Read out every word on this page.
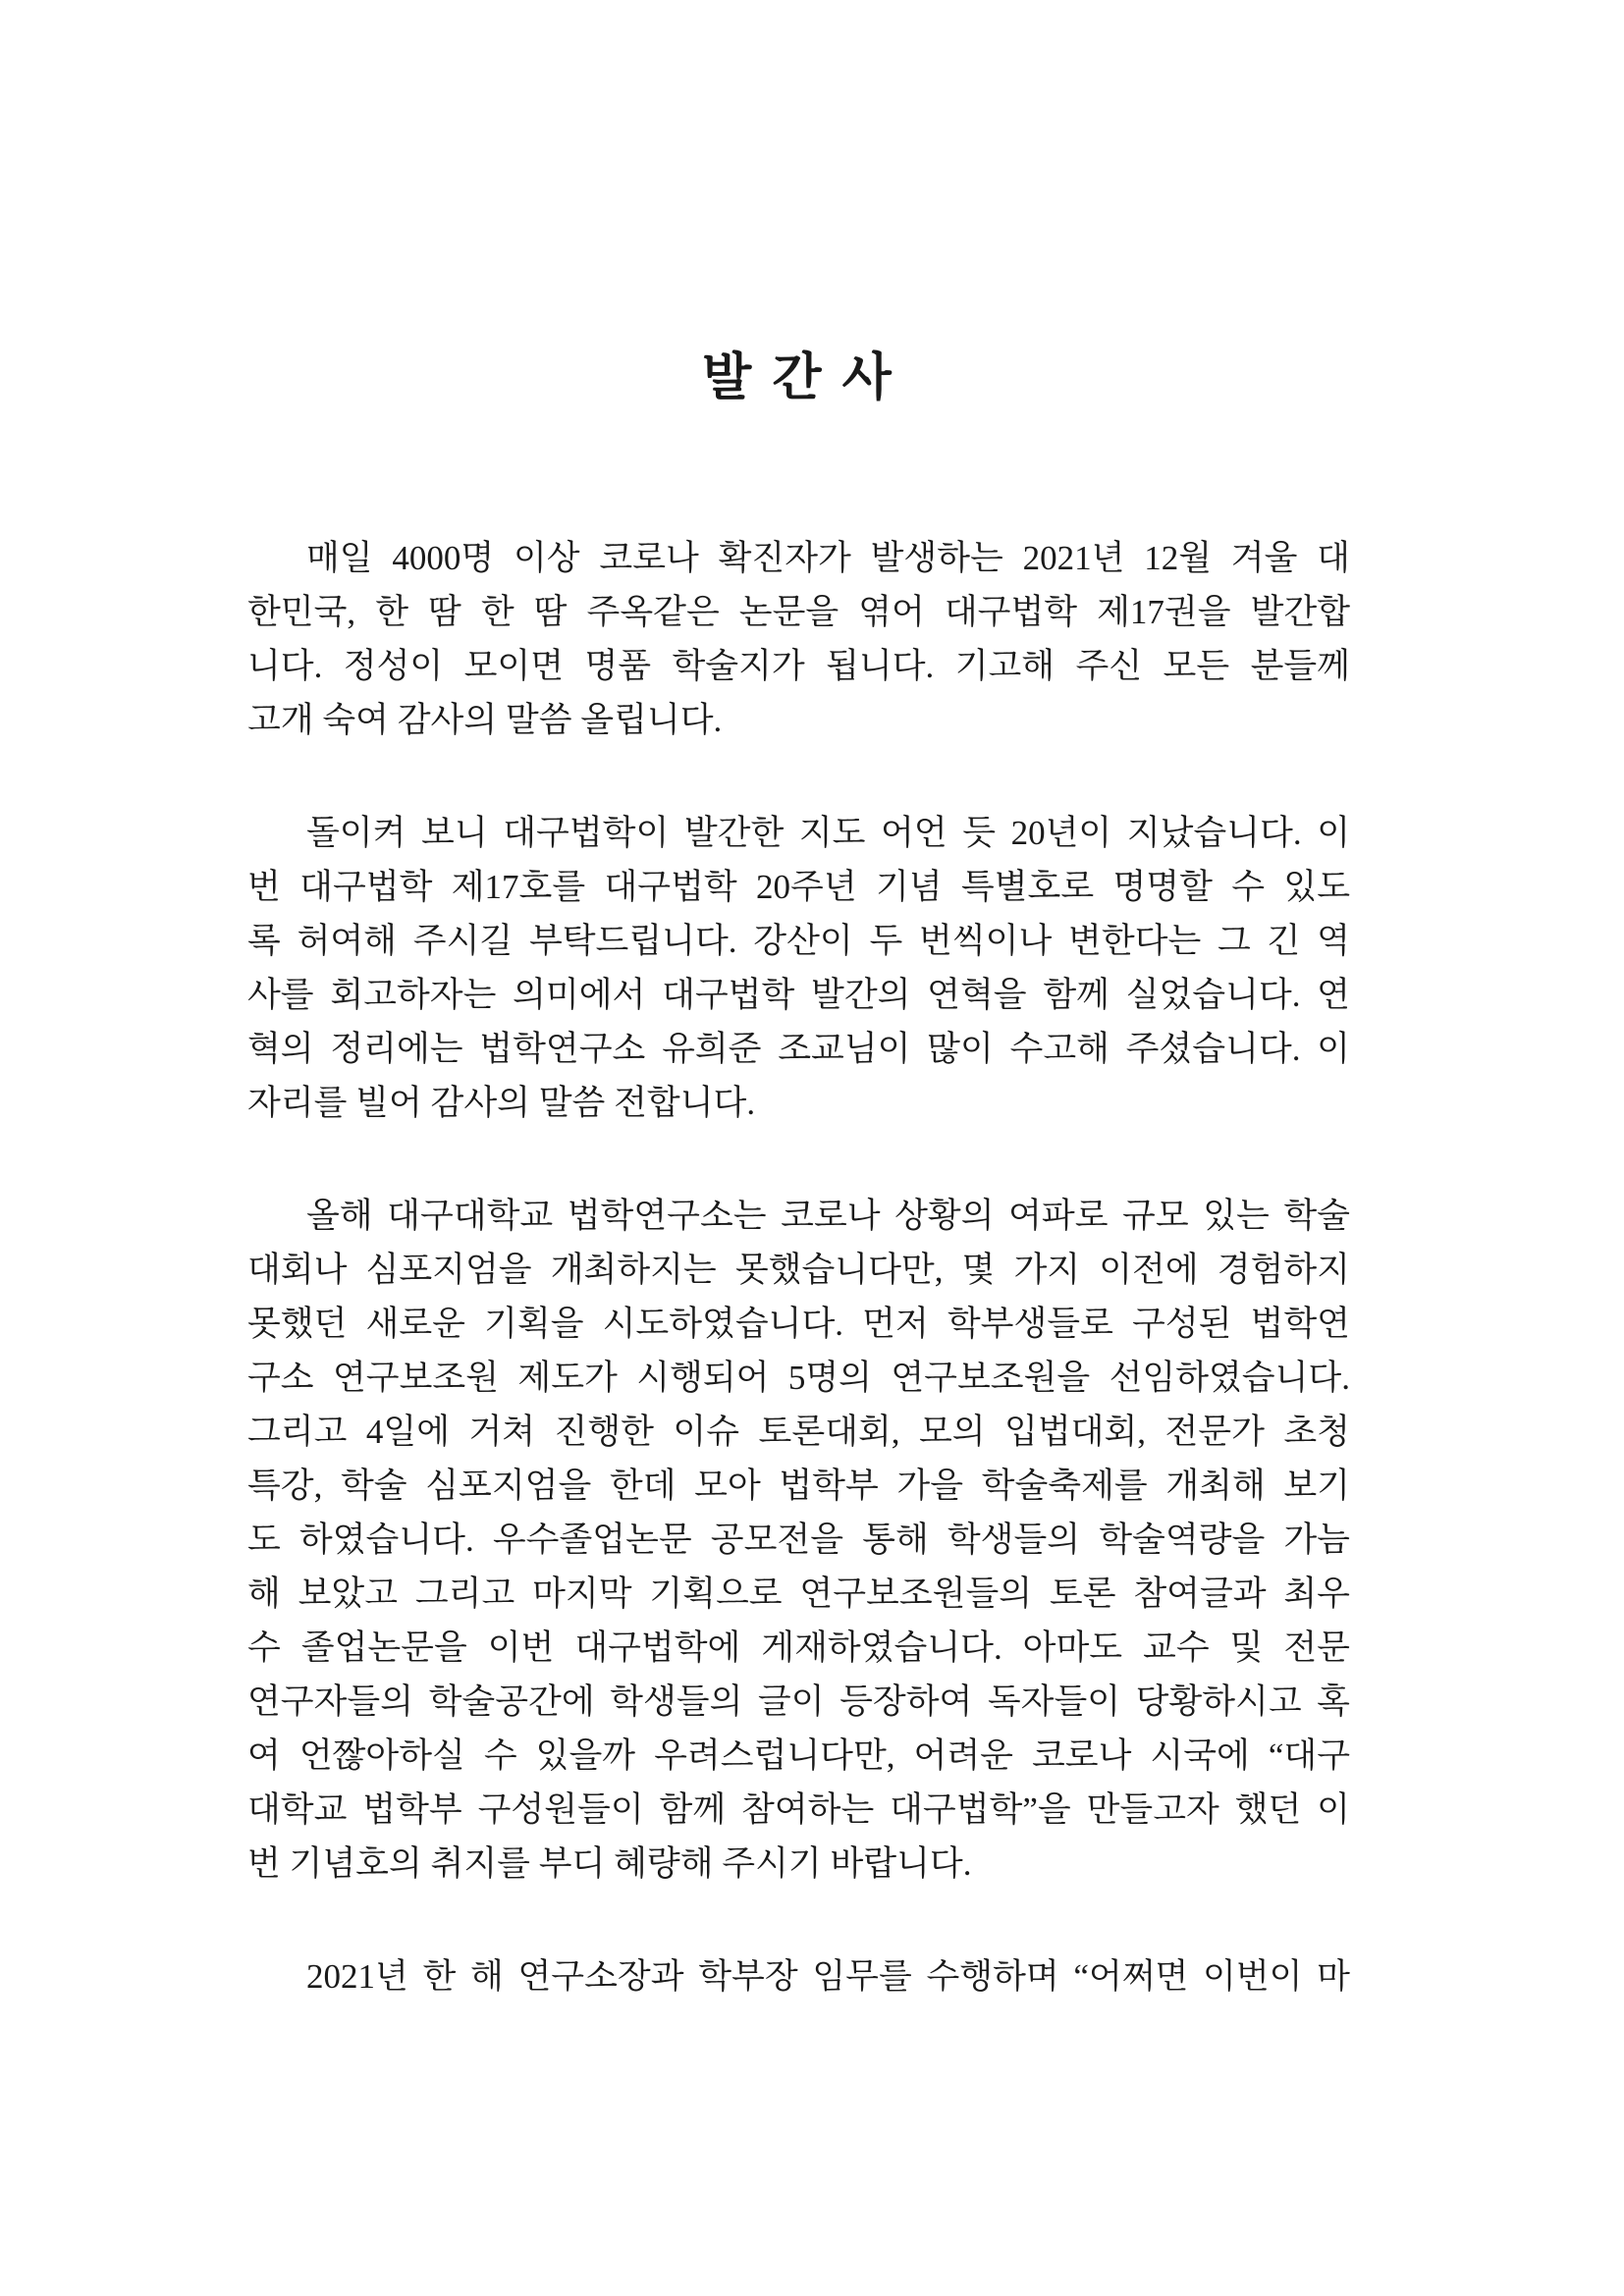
발 간 사
매일 4000명 이상 코로나 확진자가 발생하는 2021년 12월 겨울 대
한민국, 한 땀 한 땀 주옥같은 논문을 엮어 대구법학 제17권을 발간합
니다. 정성이 모이면 명품 학술지가 됩니다. 기고해 주신 모든 분들께
고개 숙여 감사의 말씀 올립니다.
돌이켜 보니 대구법학이 발간한 지도 어언 듯 20년이 지났습니다. 이
번 대구법학 제17호를 대구법학 20주년 기념 특별호로 명명할 수 있도
록 허여해 주시길 부탁드립니다. 강산이 두 번씩이나 변한다는 그 긴 역
사를 회고하자는 의미에서 대구법학 발간의 연혁을 함께 실었습니다. 연
혁의 정리에는 법학연구소 유희준 조교님이 많이 수고해 주셨습니다. 이
자리를 빌어 감사의 말씀 전합니다.
올해 대구대학교 법학연구소는 코로나 상황의 여파로 규모 있는 학술
대회나 심포지엄을 개최하지는 못했습니다만, 몇 가지 이전에 경험하지
못했던 새로운 기획을 시도하였습니다. 먼저 학부생들로 구성된 법학연
구소 연구보조원 제도가 시행되어 5명의 연구보조원을 선임하였습니다.
그리고 4일에 거쳐 진행한 이슈 토론대회, 모의 입법대회, 전문가 초청
특강, 학술 심포지엄을 한데 모아 법학부 가을 학술축제를 개최해 보기
도 하였습니다. 우수졸업논문 공모전을 통해 학생들의 학술역량을 가늠
해 보았고 그리고 마지막 기획으로 연구보조원들의 토론 참여글과 최우
수 졸업논문을 이번 대구법학에 게재하였습니다. 아마도 교수 및 전문
연구자들의 학술공간에 학생들의 글이 등장하여 독자들이 당황하시고 혹
여 언짢아하실 수 있을까 우려스럽니다만, 어려운 코로나 시국에 “대구
대학교 법학부 구성원들이 함께 참여하는 대구법학”을 만들고자 했던 이
번 기념호의 취지를 부디 혜량해 주시기 바랍니다.
2021년 한 해 연구소장과 학부장 임무를 수행하며 “어쩌면 이번이 마
